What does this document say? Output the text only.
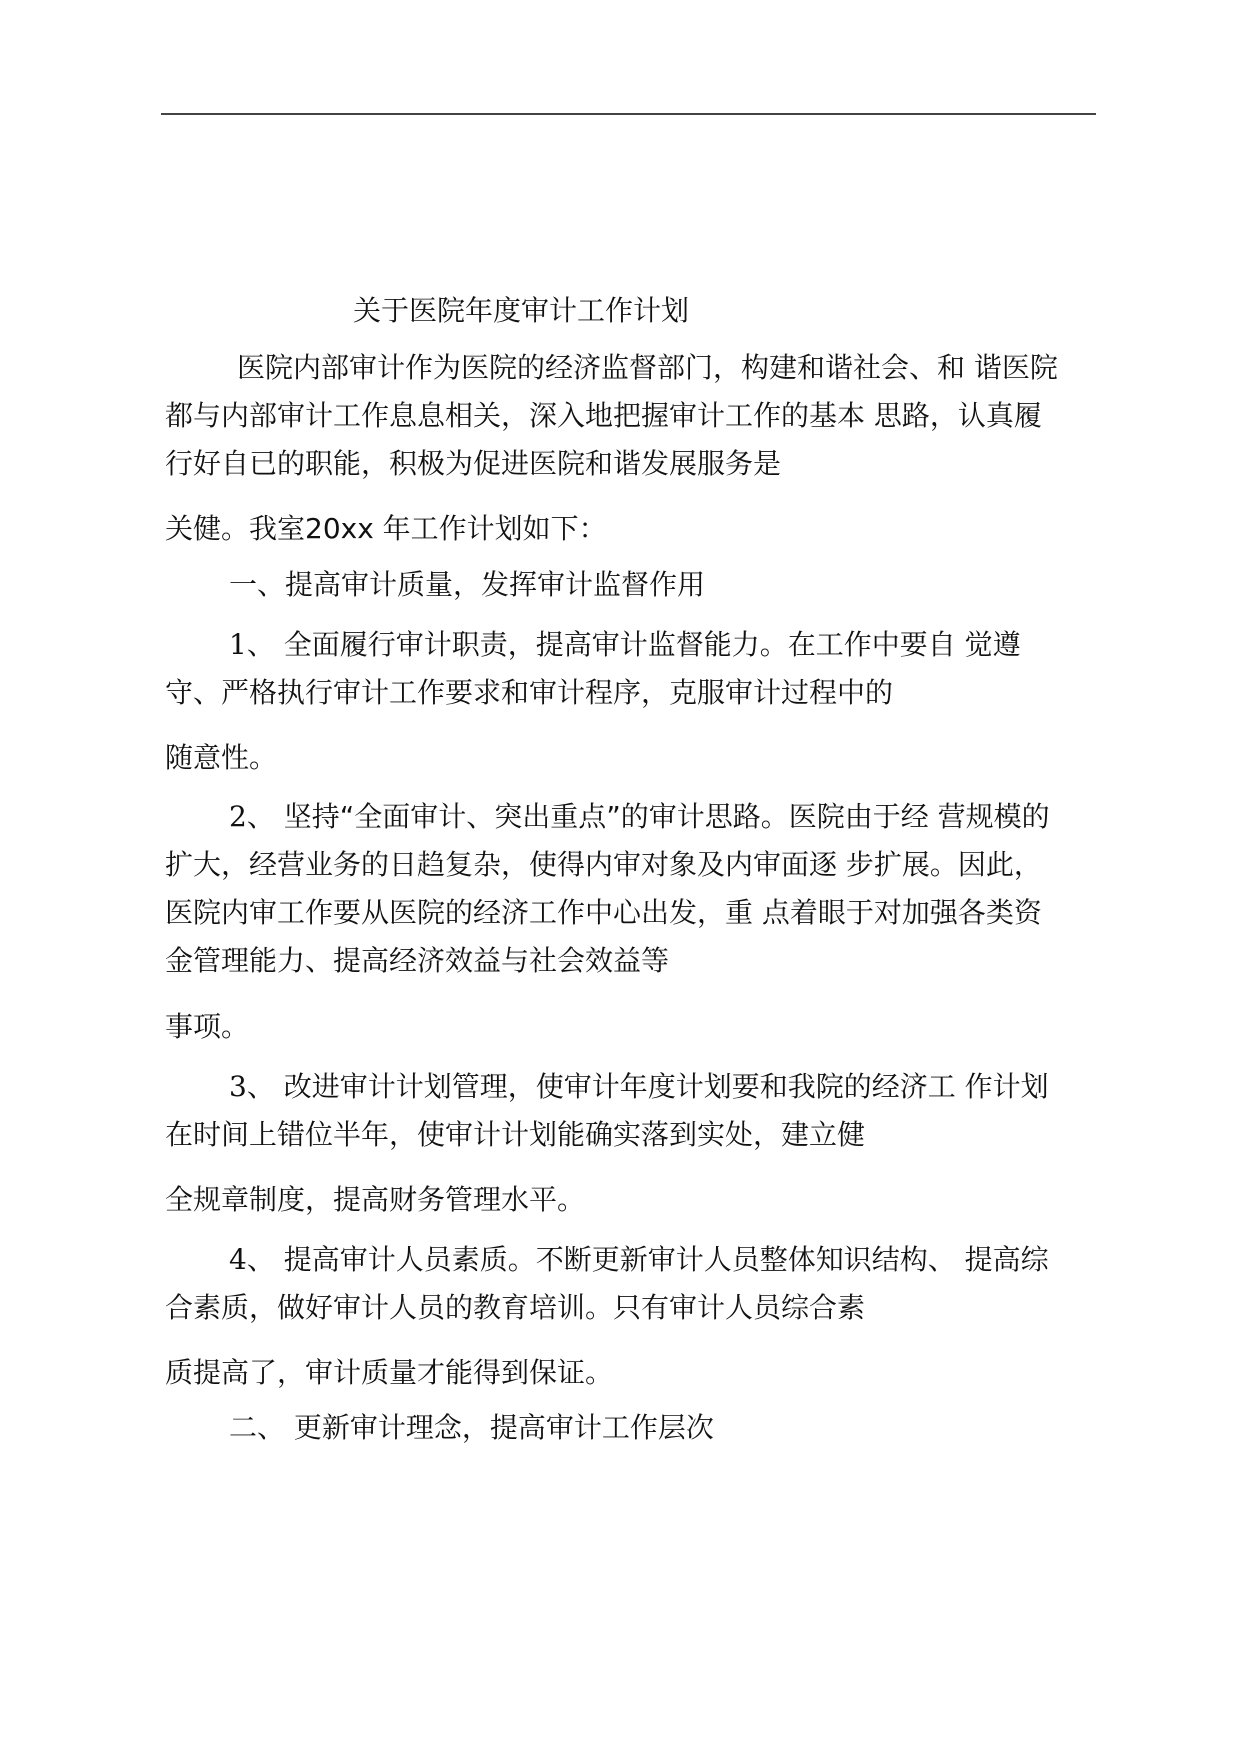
关于医院年度审计工作计划
医院内部审计作为医院的经济监督部门，构建和谐社会、和 谐医院
都与内部审计工作息息相关，深入地把握审计工作的基本 思路，认真履
行好自已的职能，积极为促进医院和谐发展服务是
关健。我室20xx 年工作计划如下：
一、提高审计质量，发挥审计监督作用
1、 全面履行审计职责，提高审计监督能力。在工作中要自 觉遵
守、严格执行审计工作要求和审计程序，克服审计过程中的
随意性。
2、 坚持“全面审计、突出重点”的审计思路。医院由于经 营规模的
扩大，经营业务的日趋复杂，使得内审对象及内审面逐 步扩展。因此，
医院内审工作要从医院的经济工作中心出发，重 点着眼于对加强各类资
金管理能力、提高经济效益与社会效益等
事项。
3、 改进审计计划管理，使审计年度计划要和我院的经济工 作计划
在时间上错位半年，使审计计划能确实落到实处，建立健
全规章制度，提高财务管理水平。
4、 提高审计人员素质。不断更新审计人员整体知识结构、 提高综
合素质，做好审计人员的教育培训。只有审计人员综合素
质提高了，审计质量才能得到保证。
二、 更新审计理念，提高审计工作层次
